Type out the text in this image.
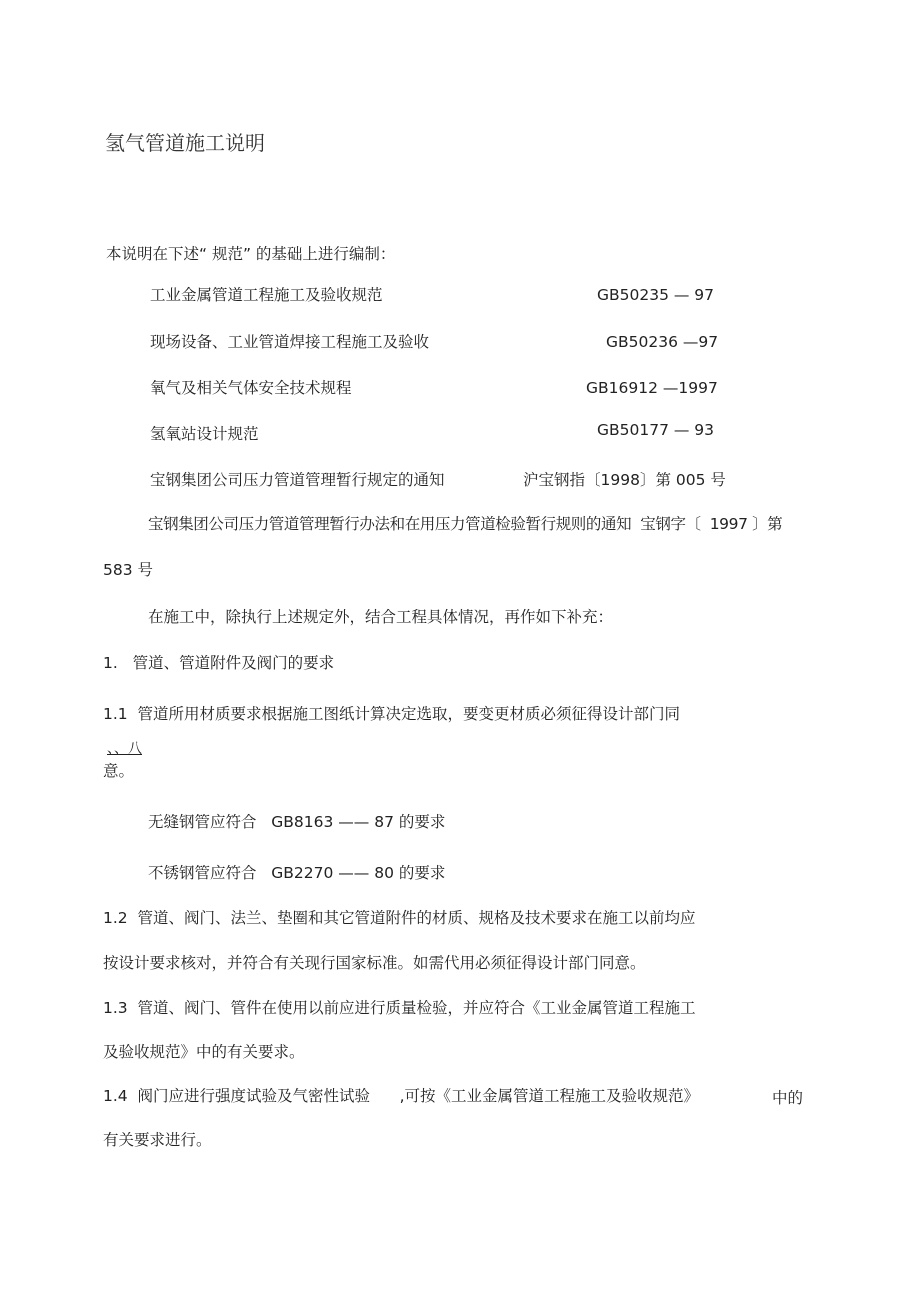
氢气管道施工说明
本说明在下述“ 规范” 的基础上进行编制：
工业金属管道工程施工及验收规范	GB50235 — 97
现场设备、工业管道焊接工程施工及验收	GB50236 —97
氧气及相关气体安全技术规程	GB16912 —1997
氢氧站设计规范	GB50177 — 93
宝钢集团公司压力管道管理暂行规定的通知	沪宝钢指〔1998〕第 005 号
宝钢集团公司压力管道管理暂行办法和在用压力管道检验暂行规则的通知  宝钢字〔  1997 〕第
583 号
在施工中，除执行上述规定外，结合工程具体情况，再作如下补充：
1.   管道、管道附件及阀门的要求
1.1  管道所用材质要求根据施工图纸计算决定选取，要变更材质必须征得设计部门同
、、八
意。
无缝钢管应符合   GB8163 —— 87 的要求
不锈钢管应符合   GB2270 —— 80 的要求
1.2  管道、阀门、法兰、垫圈和其它管道附件的材质、规格及技术要求在施工以前均应
按设计要求核对，并符合有关现行国家标准。如需代用必须征得设计部门同意。
1.3  管道、阀门、管件在使用以前应进行质量检验，并应符合《工业金属管道工程施工
及验收规范》中的有关要求。
1.4  阀门应进行强度试验及气密性试验      ,可按《工业金属管道工程施工及验收规范》	中的
有关要求进行。
